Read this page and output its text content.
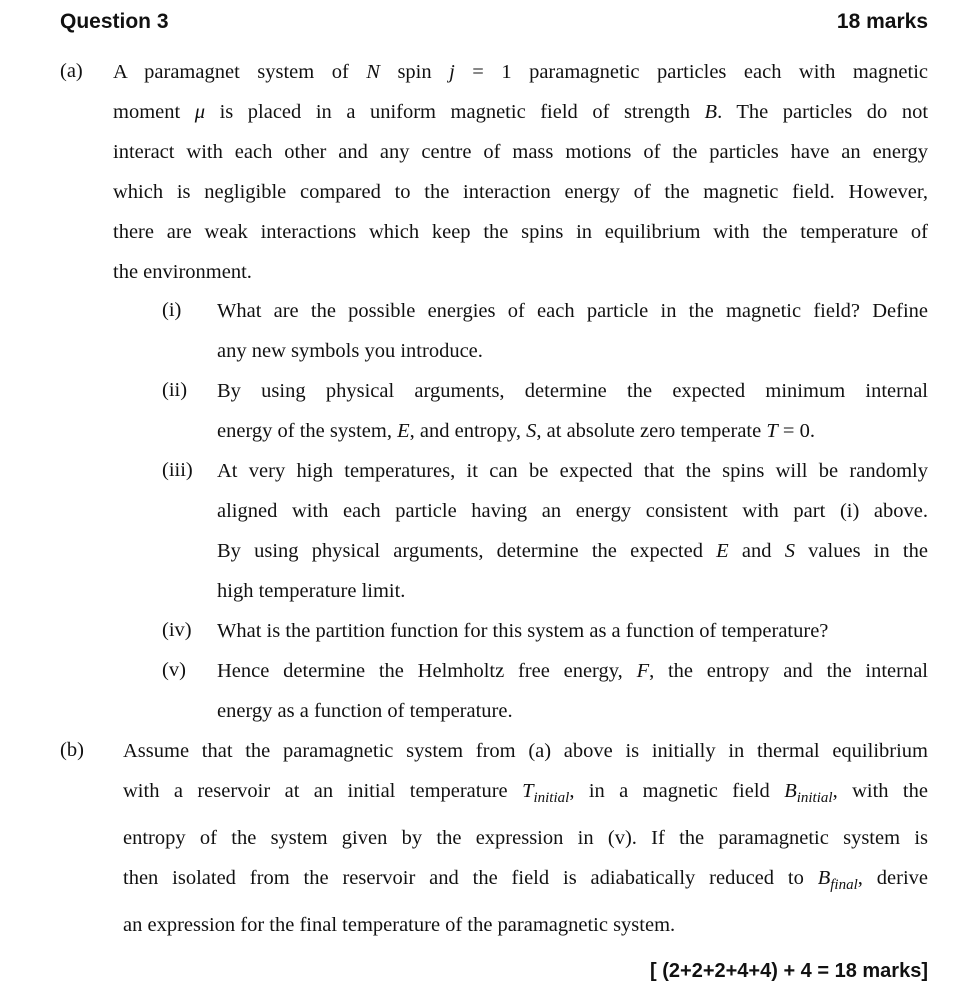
Question 3	18 marks
(a) A paramagnet system of N spin j = 1 paramagnetic particles each with magnetic
moment μ is placed in a uniform magnetic field of strength B. The particles do not
interact with each other and any centre of mass motions of the particles have an energy
which is negligible compared to the interaction energy of the magnetic field. However,
there are weak interactions which keep the spins in equilibrium with the temperature of
the environment.
(i) What are the possible energies of each particle in the magnetic field? Define
any new symbols you introduce.
(ii) By using physical arguments, determine the expected minimum internal
energy of the system, E, and entropy, S, at absolute zero temperate T = 0.
(iii) At very high temperatures, it can be expected that the spins will be randomly
aligned with each particle having an energy consistent with part (i) above.
By using physical arguments, determine the expected E and S values in the
high temperature limit.
(iv) What is the partition function for this system as a function of temperature?
(v) Hence determine the Helmholtz free energy, F, the entropy and the internal
energy as a function of temperature.
(b) Assume that the paramagnetic system from (a) above is initially in thermal equilibrium
with a reservoir at an initial temperature $T_{initial}$, in a magnetic field $B_{initial}$, with the
entropy of the system given by the expression in (v). If the paramagnetic system is
then isolated from the reservoir and the field is adiabatically reduced to $B_{final}$, derive
an expression for the final temperature of the paramagnetic system.
[ (2+2+2+4+4) + 4 = 18 marks]
